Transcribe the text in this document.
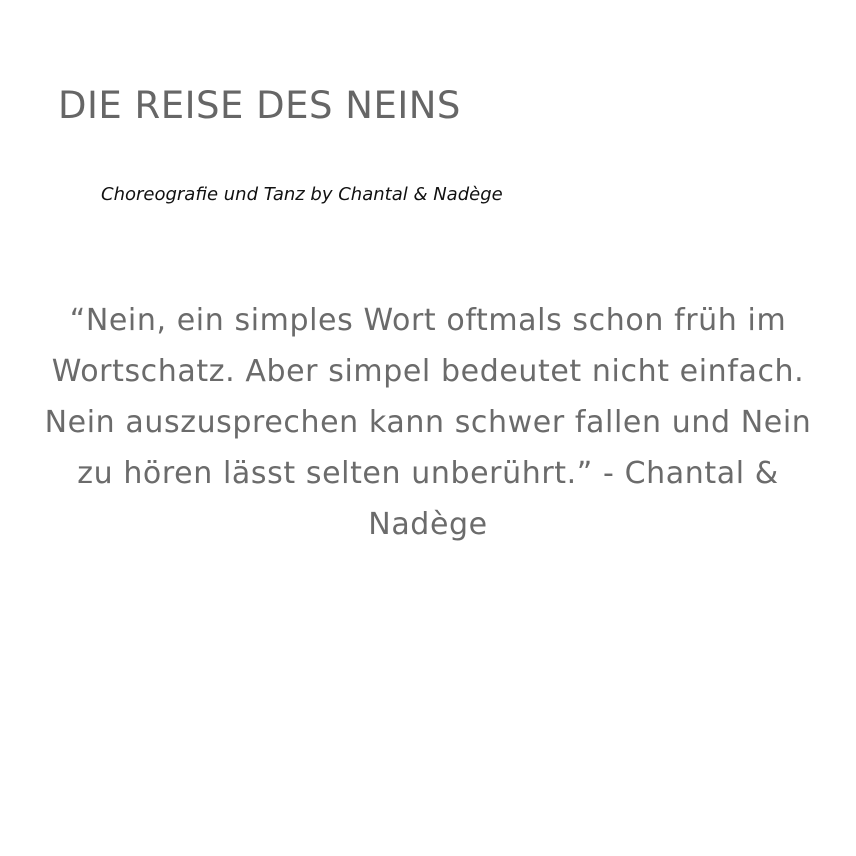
DIE REISE DES NEINS

Choreografie und Tanz by Chantal & Nadège

“Nein, ein simples Wort oftmals schon früh im Wortschatz. Aber simpel bedeutet nicht einfach. Nein auszusprechen kann schwer fallen und Nein zu hören lässt selten unberührt.” - Chantal & Nadège
